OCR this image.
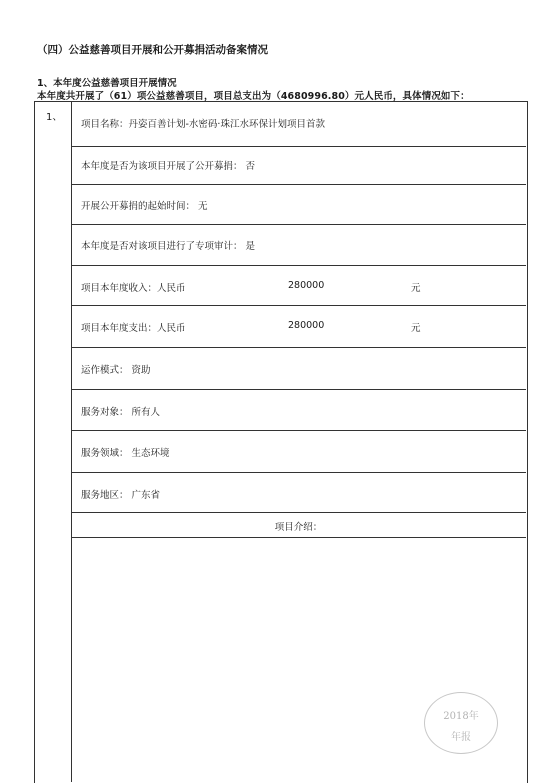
（四）公益慈善项目开展和公开募捐活动备案情况
1、本年度公益慈善项目开展情况
本年度共开展了（61）项公益慈善项目，项目总支出为（4680996.80）元人民币，具体情况如下：
1、
项目名称：丹姿百善计划-水密码·珠江水环保计划项目首款
本年度是否为该项目开展了公开募捐： 否
开展公开募捐的起始时间： 无
本年度是否对该项目进行了专项审计： 是
项目本年度收入：人民币	280000	元
项目本年度支出：人民币	280000	元
运作模式： 资助
服务对象： 所有人
服务领域： 生态环境
服务地区： 广东省
项目介绍：
2018年
年报
